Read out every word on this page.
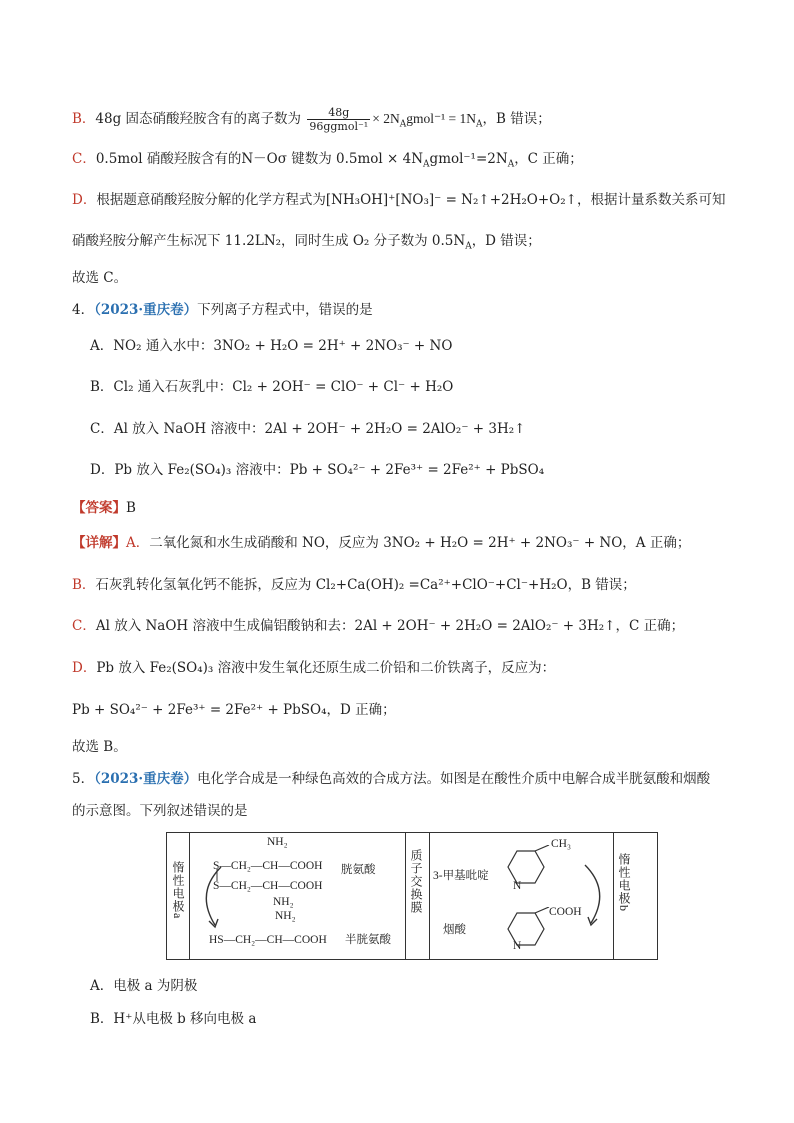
B．48g 固态硝酸羟胺含有的离子数为 $\frac{48g}{\text{96ggmol⁻¹}}$ × $2N_Agmol^{-1} = 1N_A$，B 错误；
C．0.5mol 硝酸羟胺含有的N－Oσ 键数为 $0.5mol \times 4N_Agmol^{-1}=2N_A$，C 正确；
D．根据题意硝酸羟胺分解的化学方程式为[NH₃OH]⁺[NO₃]⁻ = N₂↑+2H₂O+O₂↑，根据计量系数关系可知
硝酸羟胺分解产生标况下 11.2LN₂，同时生成 O₂ 分子数为 $0.5N_A$，D 错误；
故选 C。
4．（2023·重庆卷）下列离子方程式中，错误的是
A．NO₂ 通入水中：3NO₂ + H₂O = 2H⁺ + 2NO₃⁻ + NO
B．Cl₂ 通入石灰乳中：Cl₂ + 2OH⁻ = ClO⁻ + Cl⁻ + H₂O
C．Al 放入 NaOH 溶液中：2Al + 2OH⁻ + 2H₂O = 2AlO₂⁻ + 3H₂↑
D．Pb 放入 Fe₂(SO₄)₃ 溶液中：Pb + SO₄²⁻ + 2Fe³⁺ = 2Fe²⁺ + PbSO₄
【答案】B
【详解】A．二氧化氮和水生成硝酸和 NO，反应为 3NO₂ + H₂O = 2H⁺ + 2NO₃⁻ + NO，A 正确；
B．石灰乳转化氢氧化钙不能拆，反应为 Cl₂+Ca(OH)₂ =Ca²⁺+ClO⁻+Cl⁻+H₂O，B 错误；
C．Al 放入 NaOH 溶液中生成偏铝酸钠和去：2Al + 2OH⁻ + 2H₂O = 2AlO₂⁻ + 3H₂↑，C 正确；
D．Pb 放入 Fe₂(SO₄)₃ 溶液中发生氧化还原生成二价铅和二价铁离子，反应为：
Pb + SO₄²⁻ + 2Fe³⁺ = 2Fe²⁺ + PbSO₄，D 正确；
故选 B。
5．（2023·重庆卷）电化学合成是一种绿色高效的合成方法。如图是在酸性介质中电解合成半胱氨酸和烟酸
的示意图。下列叙述错误的是
惰性电极a	质子交换膜	惰性电极b
NH₂
S—CH₂—CH—COOH
S—CH₂—CH—COOH
胱氨酸
NH₂
NH₂
HS—CH₂—CH—COOH 半胱氨酸
3-甲基吡啶
CH₃
N
烟酸
COOH
N
A．电极 a 为阴极
B．H⁺从电极 b 移向电极 a
